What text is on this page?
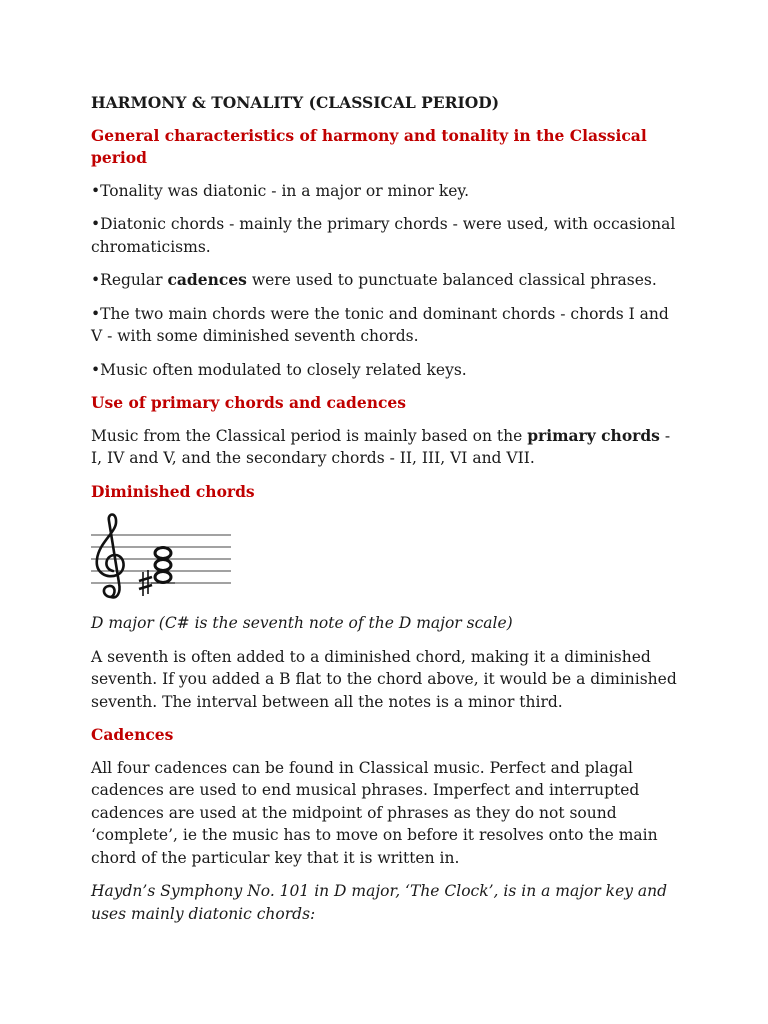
HARMONY & TONALITY (CLASSICAL PERIOD)

General characteristics of harmony and tonality in the Classical period

•Tonality was diatonic - in a major or minor key.

•Diatonic chords - mainly the primary chords - were used, with occasional chromaticisms.

•Regular cadences were used to punctuate balanced classical phrases.

•The two main chords were the tonic and dominant chords - chords I and V - with some diminished seventh chords.

•Music often modulated to closely related keys.

Use of primary chords and cadences

Music from the Classical period is mainly based on the primary chords - I, IV and V, and the secondary chords - II, III, VI and VII.

Diminished chords

D major (C# is the seventh note of the D major scale)

A seventh is often added to a diminished chord, making it a diminished seventh. If you added a B flat to the chord above, it would be a diminished seventh. The interval between all the notes is a minor third.

Cadences

All four cadences can be found in Classical music. Perfect and plagal cadences are used to end musical phrases. Imperfect and interrupted cadences are used at the midpoint of phrases as they do not sound ‘complete’, ie the music has to move on before it resolves onto the main chord of the particular key that it is written in.

Haydn’s Symphony No. 101 in D major, ‘The Clock’, is in a major key and uses mainly diatonic chords:
